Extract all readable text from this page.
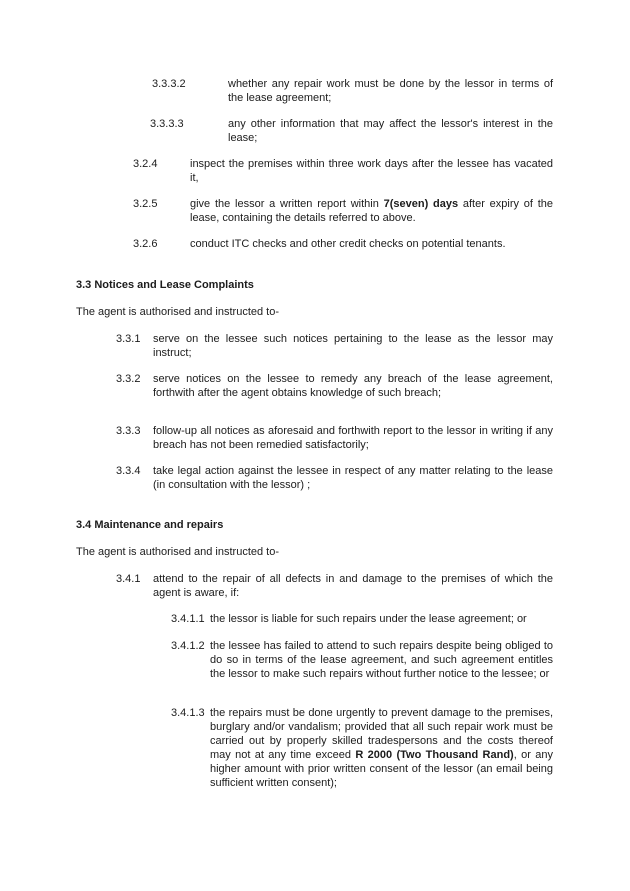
3.3.3.2	whether any repair work must be done by the lessor in terms of the lease agreement;
3.3.3.3	any other information that may affect the lessor's interest in the lease;
3.2.4	inspect the premises within three work days after the lessee has vacated it,
3.2.5	give the lessor a written report within 7(seven) days after expiry of the lease, containing the details referred to above.
3.2.6	conduct ITC checks and other credit checks on potential tenants.
3.3 Notices and Lease Complaints
The agent is authorised and instructed to-
3.3.1 serve on the lessee such notices pertaining to the lease as the lessor may instruct;
3.3.2 serve notices on the lessee to remedy any breach of the lease agreement, forthwith after the agent obtains knowledge of such breach;
3.3.3 follow-up all notices as aforesaid and forthwith report to the lessor in writing if any breach has not been remedied satisfactorily;
3.3.4 take legal action against the lessee in respect of any matter relating to the lease (in consultation with the lessor) ;
3.4 Maintenance and repairs
The agent is authorised and instructed to-
3.4.1 attend to the repair of all defects in and damage to the premises of which the agent is aware, if:
3.4.1.1 the lessor is liable for such repairs under the lease agreement; or
3.4.1.2 the lessee has failed to attend to such repairs despite being obliged to do so in terms of the lease agreement, and such agreement entitles the lessor to make such repairs without further notice to the lessee; or
3.4.1.3 the repairs must be done urgently to prevent damage to the premises, burglary and/or vandalism; provided that all such repair work must be carried out by properly skilled tradespersons and the costs thereof may not at any time exceed R 2000 (Two Thousand Rand), or any higher amount with prior written consent of the lessor (an email being sufficient written consent);
